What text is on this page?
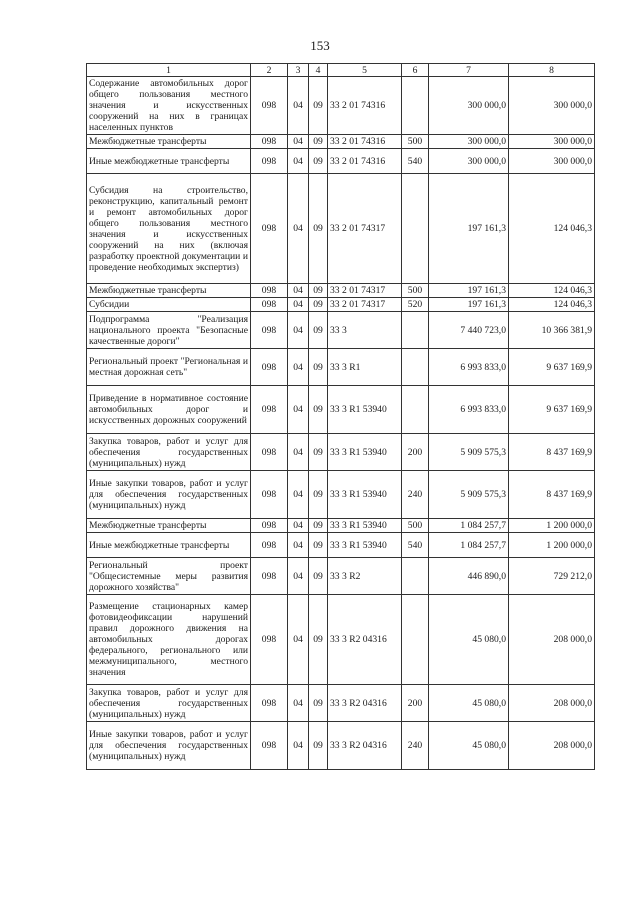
153
1	2	3	4	5	6	7	8
Содержание автомобильных дорог общего пользования местного значения и искусственных сооружений на них в границах населенных пунктов	098	04	09	33 2 01 74316		300 000,0	300 000,0
Межбюджетные трансферты	098	04	09	33 2 01 74316	500	300 000,0	300 000,0
Иные межбюджетные трансферты	098	04	09	33 2 01 74316	540	300 000,0	300 000,0
Субсидия на строительство, реконструкцию, капитальный ремонт и ремонт автомобильных дорог общего пользования местного значения и искусственных сооружений на них (включая разработку проектной документации и проведение необходимых экспертиз)	098	04	09	33 2 01 74317		197 161,3	124 046,3
Межбюджетные трансферты	098	04	09	33 2 01 74317	500	197 161,3	124 046,3
Субсидии	098	04	09	33 2 01 74317	520	197 161,3	124 046,3
Подпрограмма "Реализация национального проекта "Безопасные качественные дороги"	098	04	09	33 3		7 440 723,0	10 366 381,9
Региональный проект "Региональная и местная дорожная сеть"	098	04	09	33 3 R1		6 993 833,0	9 637 169,9
Приведение в нормативное состояние автомобильных дорог и искусственных дорожных сооружений	098	04	09	33 3 R1 53940		6 993 833,0	9 637 169,9
Закупка товаров, работ и услуг для обеспечения государственных (муниципальных) нужд	098	04	09	33 3 R1 53940	200	5 909 575,3	8 437 169,9
Иные закупки товаров, работ и услуг для обеспечения государственных (муниципальных) нужд	098	04	09	33 3 R1 53940	240	5 909 575,3	8 437 169,9
Межбюджетные трансферты	098	04	09	33 3 R1 53940	500	1 084 257,7	1 200 000,0
Иные межбюджетные трансферты	098	04	09	33 3 R1 53940	540	1 084 257,7	1 200 000,0
Региональный проект "Общесистемные меры развития дорожного хозяйства"	098	04	09	33 3 R2		446 890,0	729 212,0
Размещение стационарных камер фотовидеофиксации нарушений правил дорожного движения на автомобильных дорогах федерального, регионального или межмуниципального, местного значения	098	04	09	33 3 R2 04316		45 080,0	208 000,0
Закупка товаров, работ и услуг для обеспечения государственных (муниципальных) нужд	098	04	09	33 3 R2 04316	200	45 080,0	208 000,0
Иные закупки товаров, работ и услуг для обеспечения государственных (муниципальных) нужд	098	04	09	33 3 R2 04316	240	45 080,0	208 000,0
